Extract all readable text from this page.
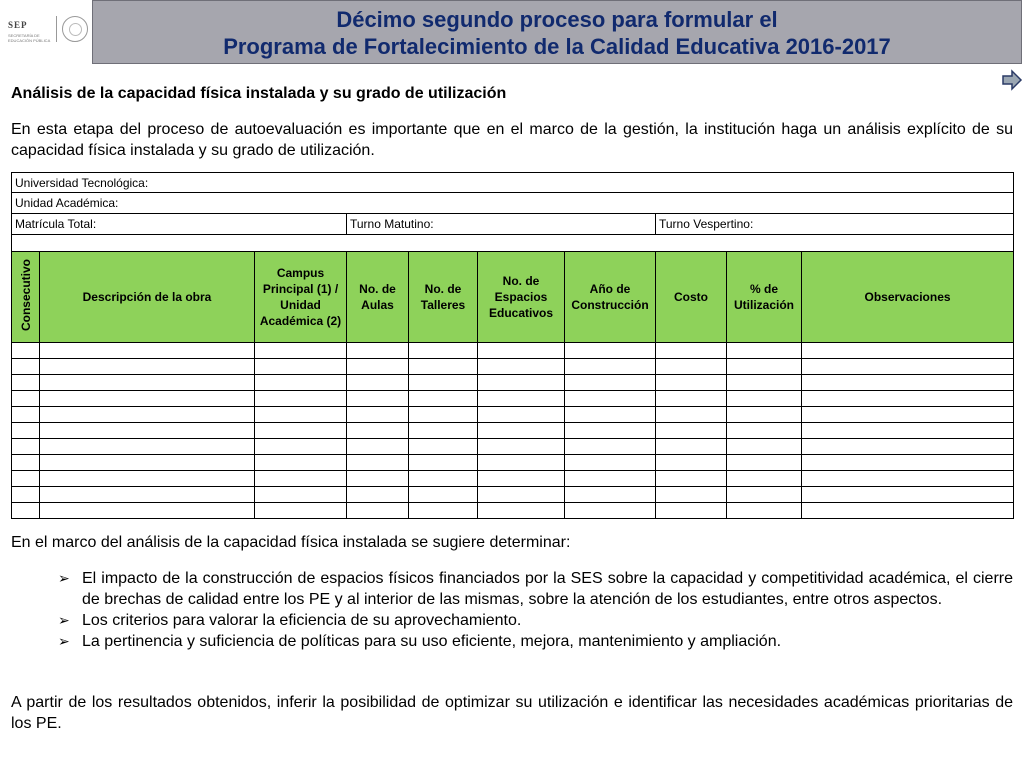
SEP
SECRETARÍA DE EDUCACIÓN PÚBLICA
Décimo segundo proceso para formular el
Programa de Fortalecimiento de la Calidad Educativa 2016-2017
Análisis de la capacidad física instalada y su grado de utilización
En esta etapa del proceso de autoevaluación es importante que en el marco de la gestión, la institución haga un análisis explícito de su capacidad física instalada y su grado de utilización.
Universidad Tecnológica:									
Unidad Académica:									
Matrícula Total:			Turno Matutino:				Turno Vespertino:		

Consecutivo	Descripción de la obra	Campus Principal (1) / Unidad Académica (2)	No. de Aulas	No. de Talleres	No. de Espacios Educativos	Año de Construcción	Costo	% de Utilización	Observaciones

En el marco del análisis de la capacidad física instalada se sugiere determinar:
➢ El impacto de la construcción de espacios físicos financiados por la SES sobre la capacidad y competitividad académica, el cierre de brechas de calidad entre los PE y al interior de las mismas, sobre la atención de los estudiantes, entre otros aspectos.
➢ Los criterios para valorar la eficiencia de su aprovechamiento.
➢ La pertinencia y suficiencia de políticas para su uso eficiente, mejora, mantenimiento y ampliación.
A partir de los resultados obtenidos, inferir la posibilidad de optimizar su utilización e identificar las necesidades académicas prioritarias de los PE.
